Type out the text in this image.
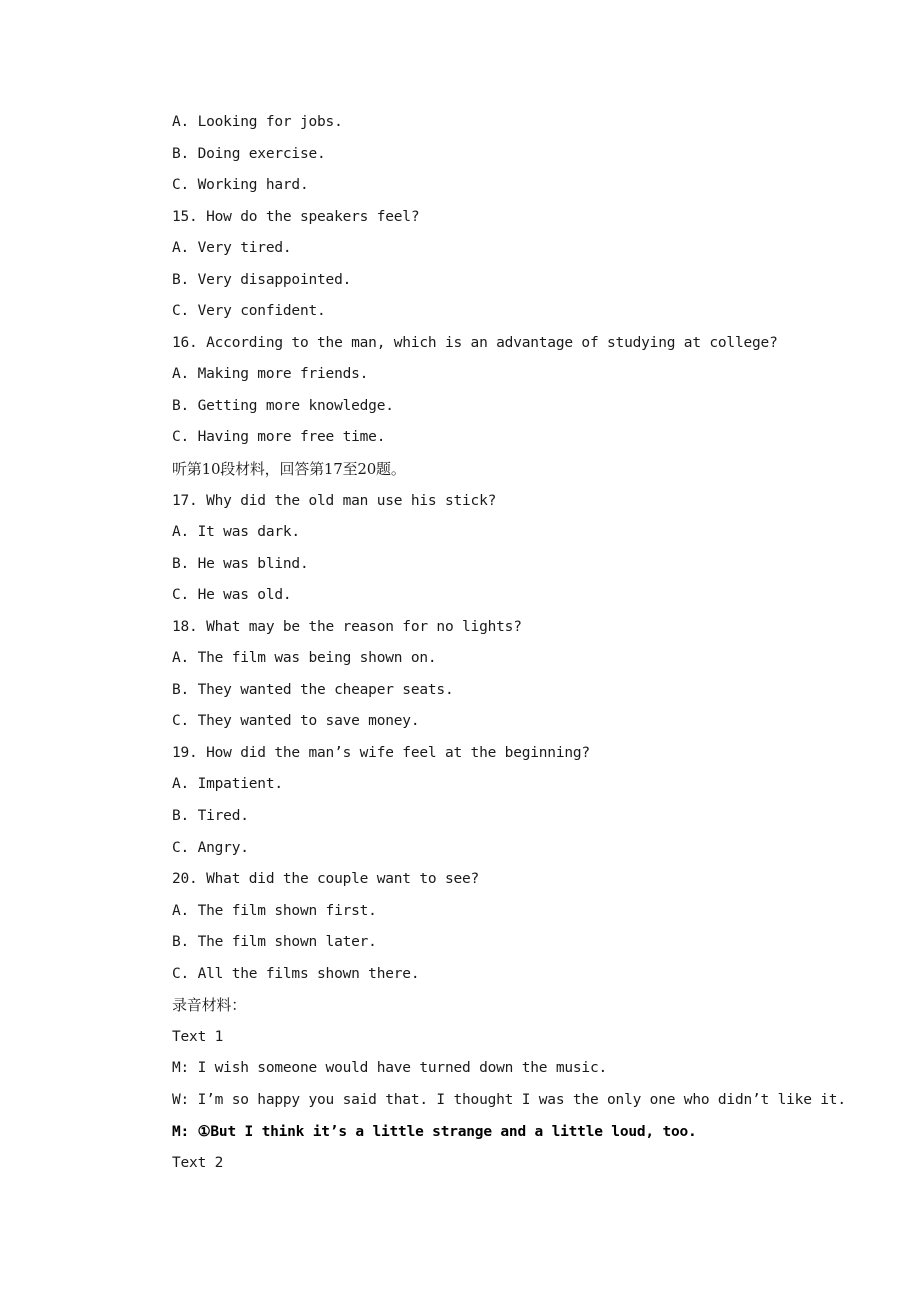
A. Looking for jobs.
B. Doing exercise.
C. Working hard.
15. How do the speakers feel?
A. Very tired.
B. Very disappointed.
C. Very confident.
16. According to the man, which is an advantage of studying at college?
A. Making more friends.
B. Getting more knowledge.
C. Having more free time.
听第10段材料，回答第17至20题。
17. Why did the old man use his stick?
A. It was dark.
B. He was blind.
C. He was old.
18. What may be the reason for no lights?
A. The film was being shown on.
B. They wanted the cheaper seats.
C. They wanted to save money.
19. How did the man’s wife feel at the beginning?
A. Impatient.
B. Tired.
C. Angry.
20. What did the couple want to see?
A. The film shown first.
B. The film shown later.
C. All the films shown there.
录音材料：
Text 1
M: I wish someone would have turned down the music.
W: I’m so happy you said that. I thought I was the only one who didn’t like it.
M: ①But I think it’s a little strange and a little loud, too.
Text 2
